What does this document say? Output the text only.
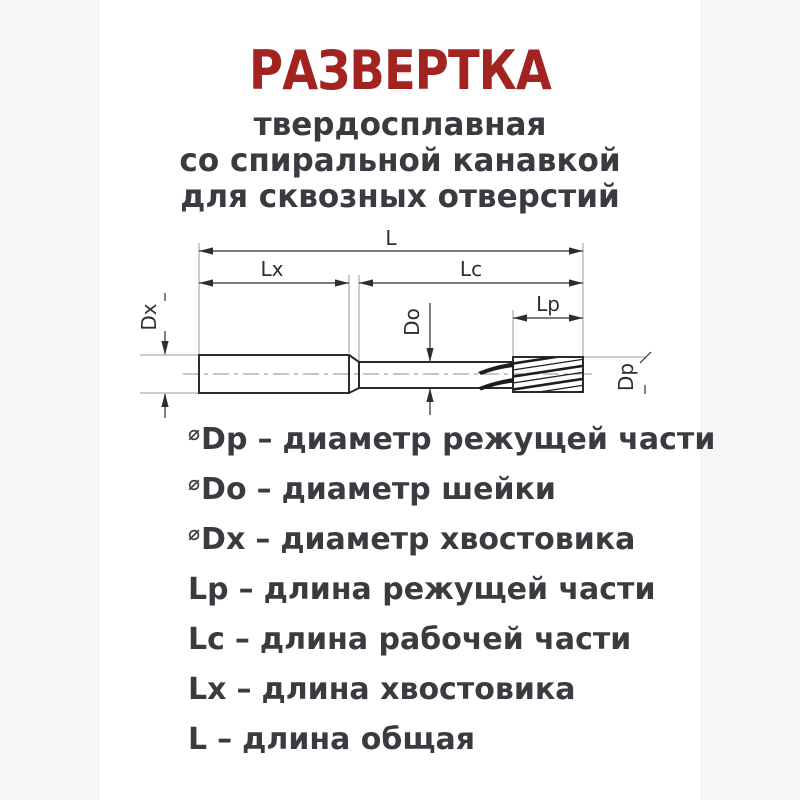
РАЗВЕРТКА
твердосплавная
со спиральной канавкой
для сквозных отверстий
L
Lx	Lc
Lp
Dx	Do
Dp
⌀ Dp – диаметр режущей части
⌀ Do – диаметр шейки
⌀ Dx – диаметр хвостовика
Lp – длина режущей части
Lc – длина рабочей части
Lx – длина хвостовика
L – длина общая
